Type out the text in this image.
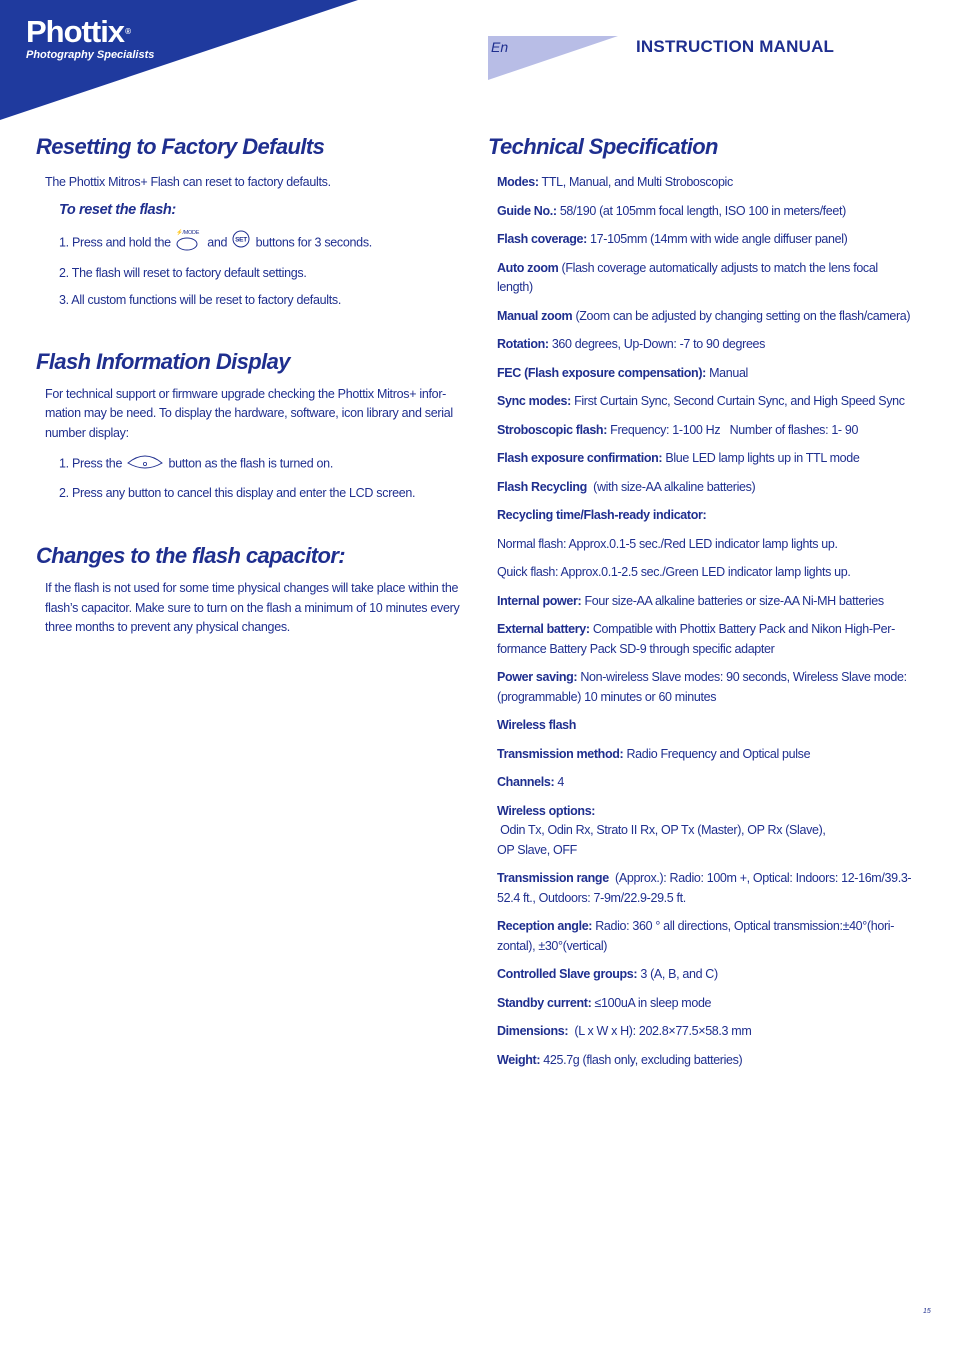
Phottix®
Photography Specialists	En	INSTRUCTION MANUAL
Resetting to Factory Defaults

The Phottix Mitros+ Flash can reset to factory defaults.

To reset the flash:

1. Press and hold the
⚡/MODE
and SET buttons for 3 seconds.

2. The flash will reset to factory default settings.

3. All custom functions will be reset to factory defaults.

Flash Information Display

For technical support or firmware upgrade checking the Phottix Mitros+ infor-

mation may be need. To display the hardware, software, icon library and serial

number display:

1. Press the	button as the flash is turned on.

2. Press any button to cancel this display and enter the LCD screen.

Changes to the flash capacitor:

If the flash is not used for some time physical changes will take place within the

flash’s capacitor. Make sure to turn on the flash a minimum of 10 minutes every

three months to prevent any physical changes.

Technical Specification

Modes: TTL, Manual, and Multi Stroboscopic

Guide No.: 58/190 (at 105mm focal length, ISO 100 in meters/feet)

Flash coverage: 17-105mm (14mm with wide angle diffuser panel)

Auto zoom (Flash coverage automatically adjusts to match the lens focal
length)

Manual zoom (Zoom can be adjusted by changing setting on the flash/camera)

Rotation: 360 degrees, Up-Down: -7 to 90 degrees

FEC (Flash exposure compensation): Manual

Sync modes: First Curtain Sync, Second Curtain Sync, and High Speed Sync

Stroboscopic flash: Frequency: 1-100 Hz   Number of flashes: 1- 90

Flash exposure confirmation: Blue LED lamp lights up in TTL mode

Flash Recycling  (with size-AA alkaline batteries)

Recycling time/Flash-ready indicator:

Normal flash: Approx.0.1-5 sec./Red LED indicator lamp lights up.

Quick flash: Approx.0.1-2.5 sec./Green LED indicator lamp lights up.

Internal power: Four size-AA alkaline batteries or size-AA Ni-MH batteries

External battery: Compatible with Phottix Battery Pack and Nikon High-Per-
formance Battery Pack SD-9 through specific adapter

Power saving: Non-wireless Slave modes: 90 seconds, Wireless Slave mode:
(programmable) 10 minutes or 60 minutes

Wireless flash

Transmission method: Radio Frequency and Optical pulse

Channels: 4

Wireless options: Odin Tx, Odin Rx, Strato II Rx, OP Tx (Master), OP Rx (Slave),
OP Slave, OFF

Transmission range  (Approx.): Radio: 100m +, Optical: Indoors: 12-16m/39.3-
52.4 ft., Outdoors: 7-9m/22.9-29.5 ft.

Reception angle: Radio: 360 ° all directions, Optical transmission:±40°(hori-
zontal), ±30°(vertical)

Controlled Slave groups: 3 (A, B, and C)

Standby current: ≤100uA in sleep mode

Dimensions:  (L x W x H): 202.8×77.5×58.3 mm

Weight: 425.7g (flash only, excluding batteries)

15
